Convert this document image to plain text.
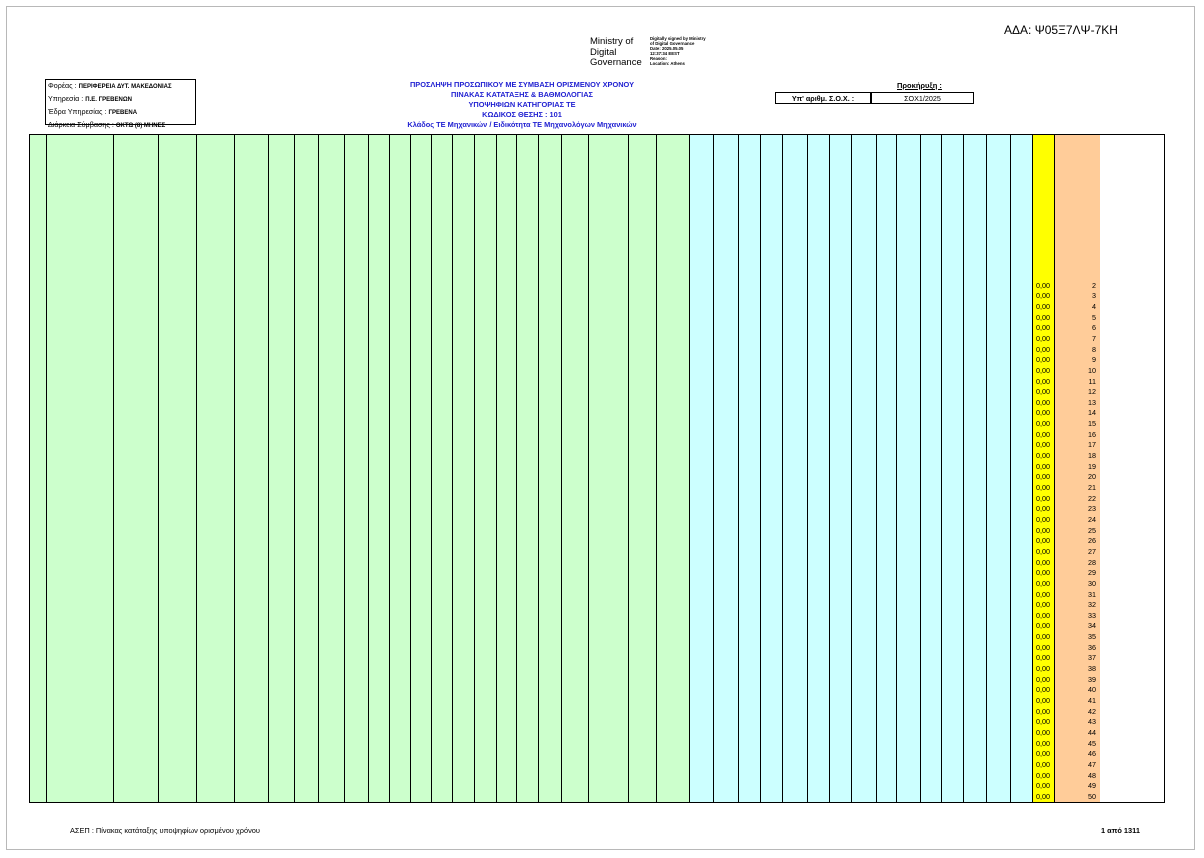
ΑΔΑ: Ψ05Ξ7ΛΨ-7ΚΗ
Ministry of
Digital
Governance
Digitally signed by Ministry
of Digital Governance
Date: 2025.05.05
12:37:34 EEST
Reason:
Location: Athens
Φορέας : ΠΕΡΙΦΕΡΕΙΑ ΔΥΤ. ΜΑΚΕΔΟΝΙΑΣ
Υπηρεσία : Π.Ε. ΓΡΕΒΕΝΩΝ
Έδρα Υπηρεσίας : ΓΡΕΒΕΝΑ
Διάρκεια Σύμβασης : ΟΚΤΩ (8) ΜΗΝΕΣ
ΠΡΟΣΛΗΨΗ ΠΡΟΣΩΠΙΚΟΥ ΜΕ ΣΥΜΒΑΣΗ ΟΡΙΣΜΕΝΟΥ ΧΡΟΝΟΥ
ΠΙΝΑΚΑΣ ΚΑΤΑΤΑΞΗΣ & ΒΑΘΜΟΛΟΓΙΑΣ
ΥΠΟΨΗΦΙΩΝ ΚΑΤΗΓΟΡΙΑΣ ΤΕ
ΚΩΔΙΚΟΣ ΘΕΣΗΣ : 101
Κλάδος ΤΕ Μηχανικών / Ειδικότητα ΤΕ Μηχανολόγων Μηχανικών
Προκήρυξη :
Υπ' αριθμ. Σ.Ο.Χ. :	ΣΟΧ1/2025
0,00
0,00
0,00
0,00
0,00
0,00
0,00
0,00
0,00
0,00
0,00
0,00
0,00
0,00
0,00
0,00
0,00
0,00
0,00
0,00
0,00
0,00
0,00
0,00
0,00
0,00
0,00
0,00
0,00
0,00
0,00
0,00
0,00
0,00
0,00
0,00
0,00
0,00
0,00
0,00
0,00
0,00
0,00
0,00
0,00
0,00
0,00
0,00
0,00
2
3
4
5
6
7
8
9
10
11
12
13
14
15
16
17
18
19
20
21
22
23
24
25
26
27
28
29
30
31
32
33
34
35
36
37
38
39
40
41
42
43
44
45
46
47
48
49
50
ΑΣΕΠ : Πίνακας κατάταξης υποψηφίων ορισμένου χρόνου	1 από 1311
